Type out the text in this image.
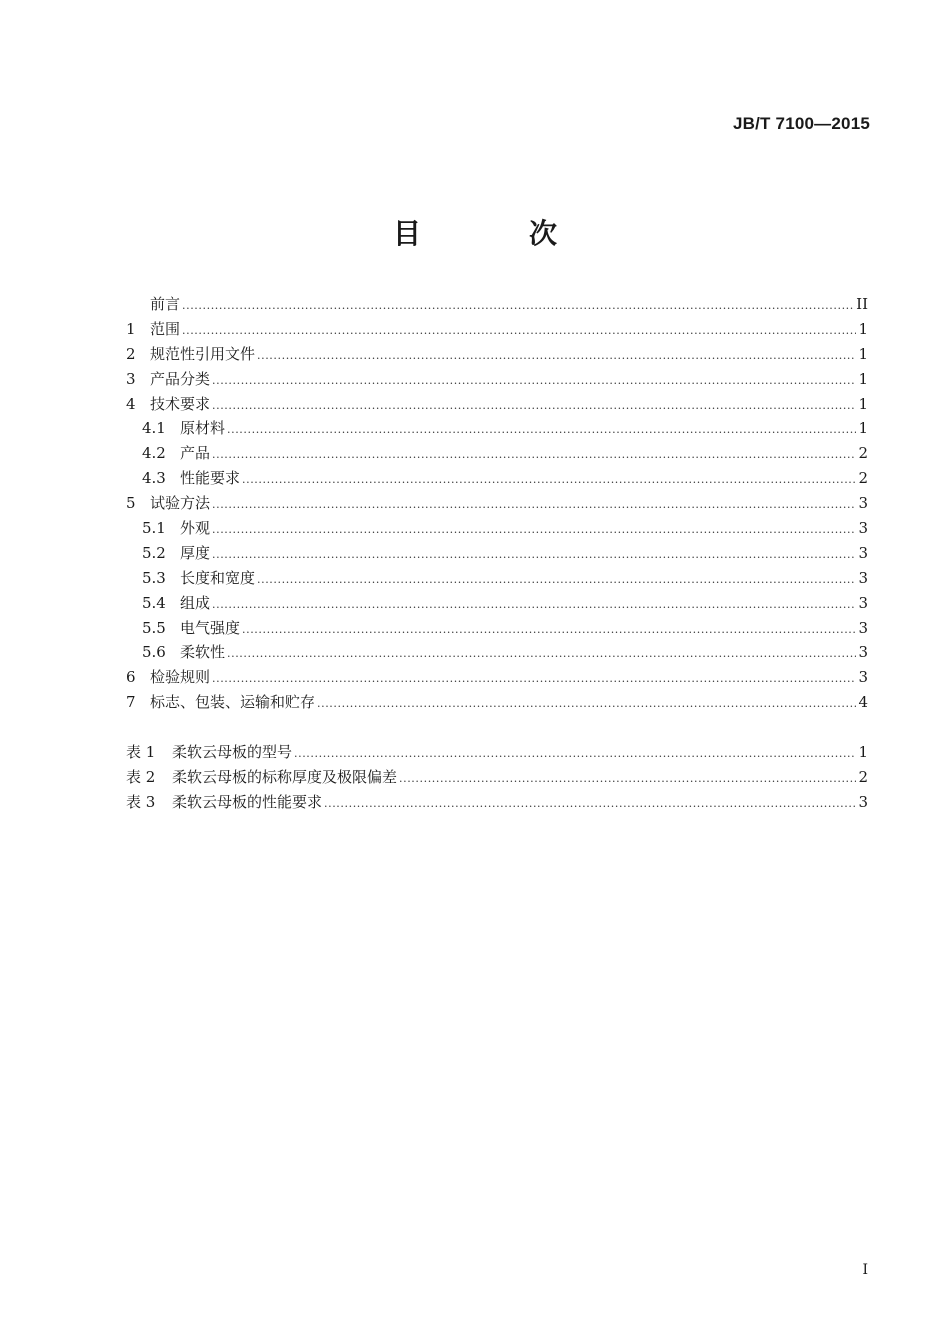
JB/T 7100—2015
目　次
前言 .....	II
1 范围 .....	1
2 规范性引用文件 .....	1
3 产品分类 .....	1
4 技术要求 .....	1
4.1 原材料 .....	1
4.2 产品 .....	2
4.3 性能要求 .....	2
5 试验方法 .....	3
5.1 外观 .....	3
5.2 厚度 .....	3
5.3 长度和宽度 .....	3
5.4 组成 .....	3
5.5 电气强度 .....	3
5.6 柔软性 .....	3
6 检验规则 .....	3
7 标志、包装、运输和贮存 .....	4
表 1	柔软云母板的型号 .....	1
表 2	柔软云母板的标称厚度及极限偏差 .....	2
表 3	柔软云母板的性能要求 .....	3
I
